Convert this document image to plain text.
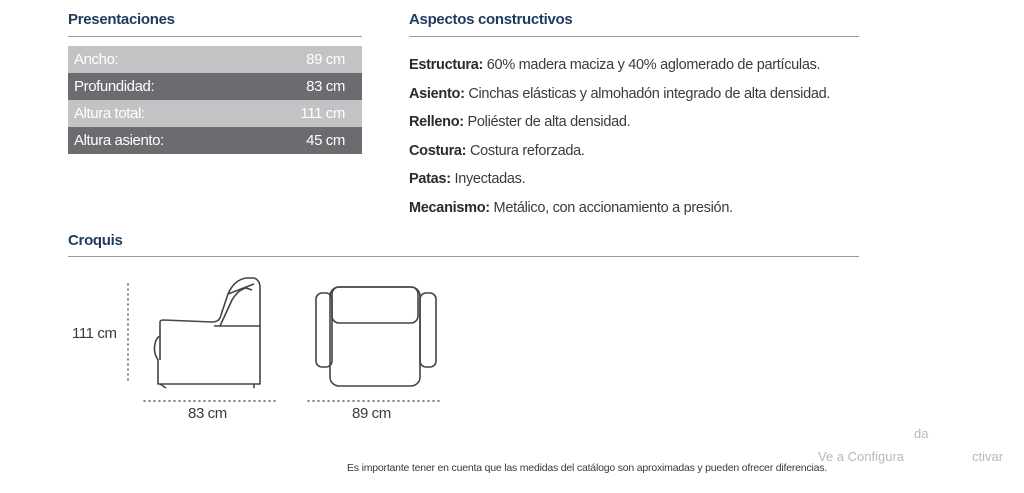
Presentaciones
Ancho:	89 cm
Profundidad:	83 cm
Altura total:	111 cm
Altura asiento:	45 cm
Aspectos constructivos
Estructura: 60% madera maciza y 40% aglomerado de partículas.
Asiento: Cinchas elásticas y almohadón integrado de alta densidad.
Relleno: Poliéster de alta densidad.
Costura: Costura reforzada.
Patas: Inyectadas.
Mecanismo: Metálico, con accionamiento a presión.
Croquis
111 cm
83 cm	89 cm
Es importante tener en cuenta que las medidas del catálogo son aproximadas y pueden ofrecer diferencias.
da
Ve a Configura	ctivar
